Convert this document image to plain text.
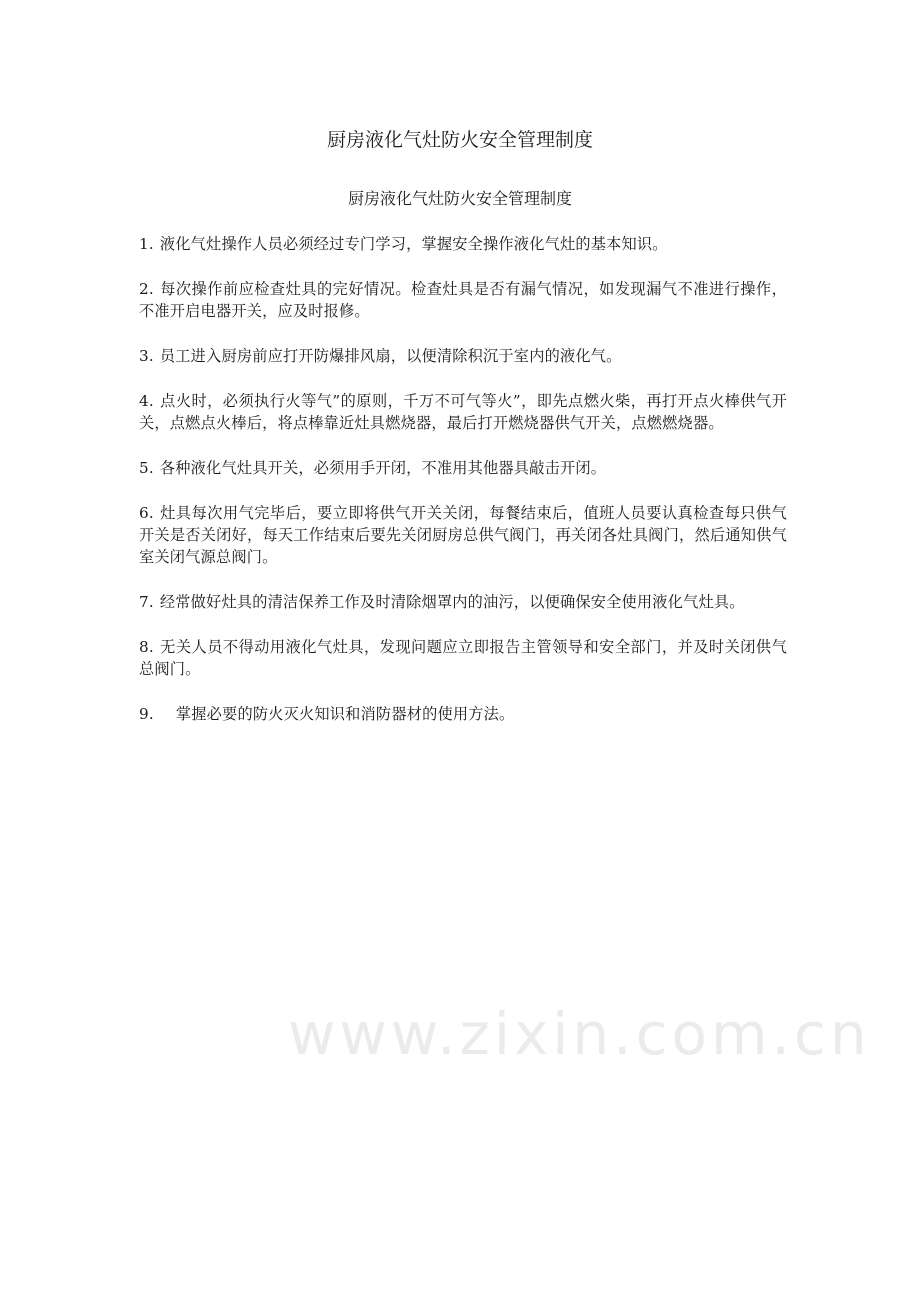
厨房液化气灶防火安全管理制度

厨房液化气灶防火安全管理制度

1. 液化气灶操作人员必须经过专门学习，掌握安全操作液化气灶的基本知识。
2. 每次操作前应检查灶具的完好情况。检查灶具是否有漏气情况，如发现漏气不准进行操作，不准开启电器开关，应及时报修。
3. 员工进入厨房前应打开防爆排风扇，以便清除积沉于室内的液化气。
4. 点火时，必须执行火等气”的原则，千万不可气等火”，即先点燃火柴，再打开点火棒供气开关，点燃点火棒后，将点棒靠近灶具燃烧器，最后打开燃烧器供气开关，点燃燃烧器。
5. 各种液化气灶具开关，必须用手开闭，不准用其他器具敲击开闭。
6. 灶具每次用气完毕后，要立即将供气开关关闭，每餐结束后，值班人员要认真检查每只供气开关是否关闭好，每天工作结束后要先关闭厨房总供气阀门，再关闭各灶具阀门，然后通知供气室关闭气源总阀门。
7. 经常做好灶具的清洁保养工作及时清除烟罩内的油污，以便确保安全使用液化气灶具。
8. 无关人员不得动用液化气灶具，发现问题应立即报告主管领导和安全部门，并及时关闭供气总阀门。
9. 掌握必要的防火灭火知识和消防器材的使用方法。

www.zixin.com.cn
